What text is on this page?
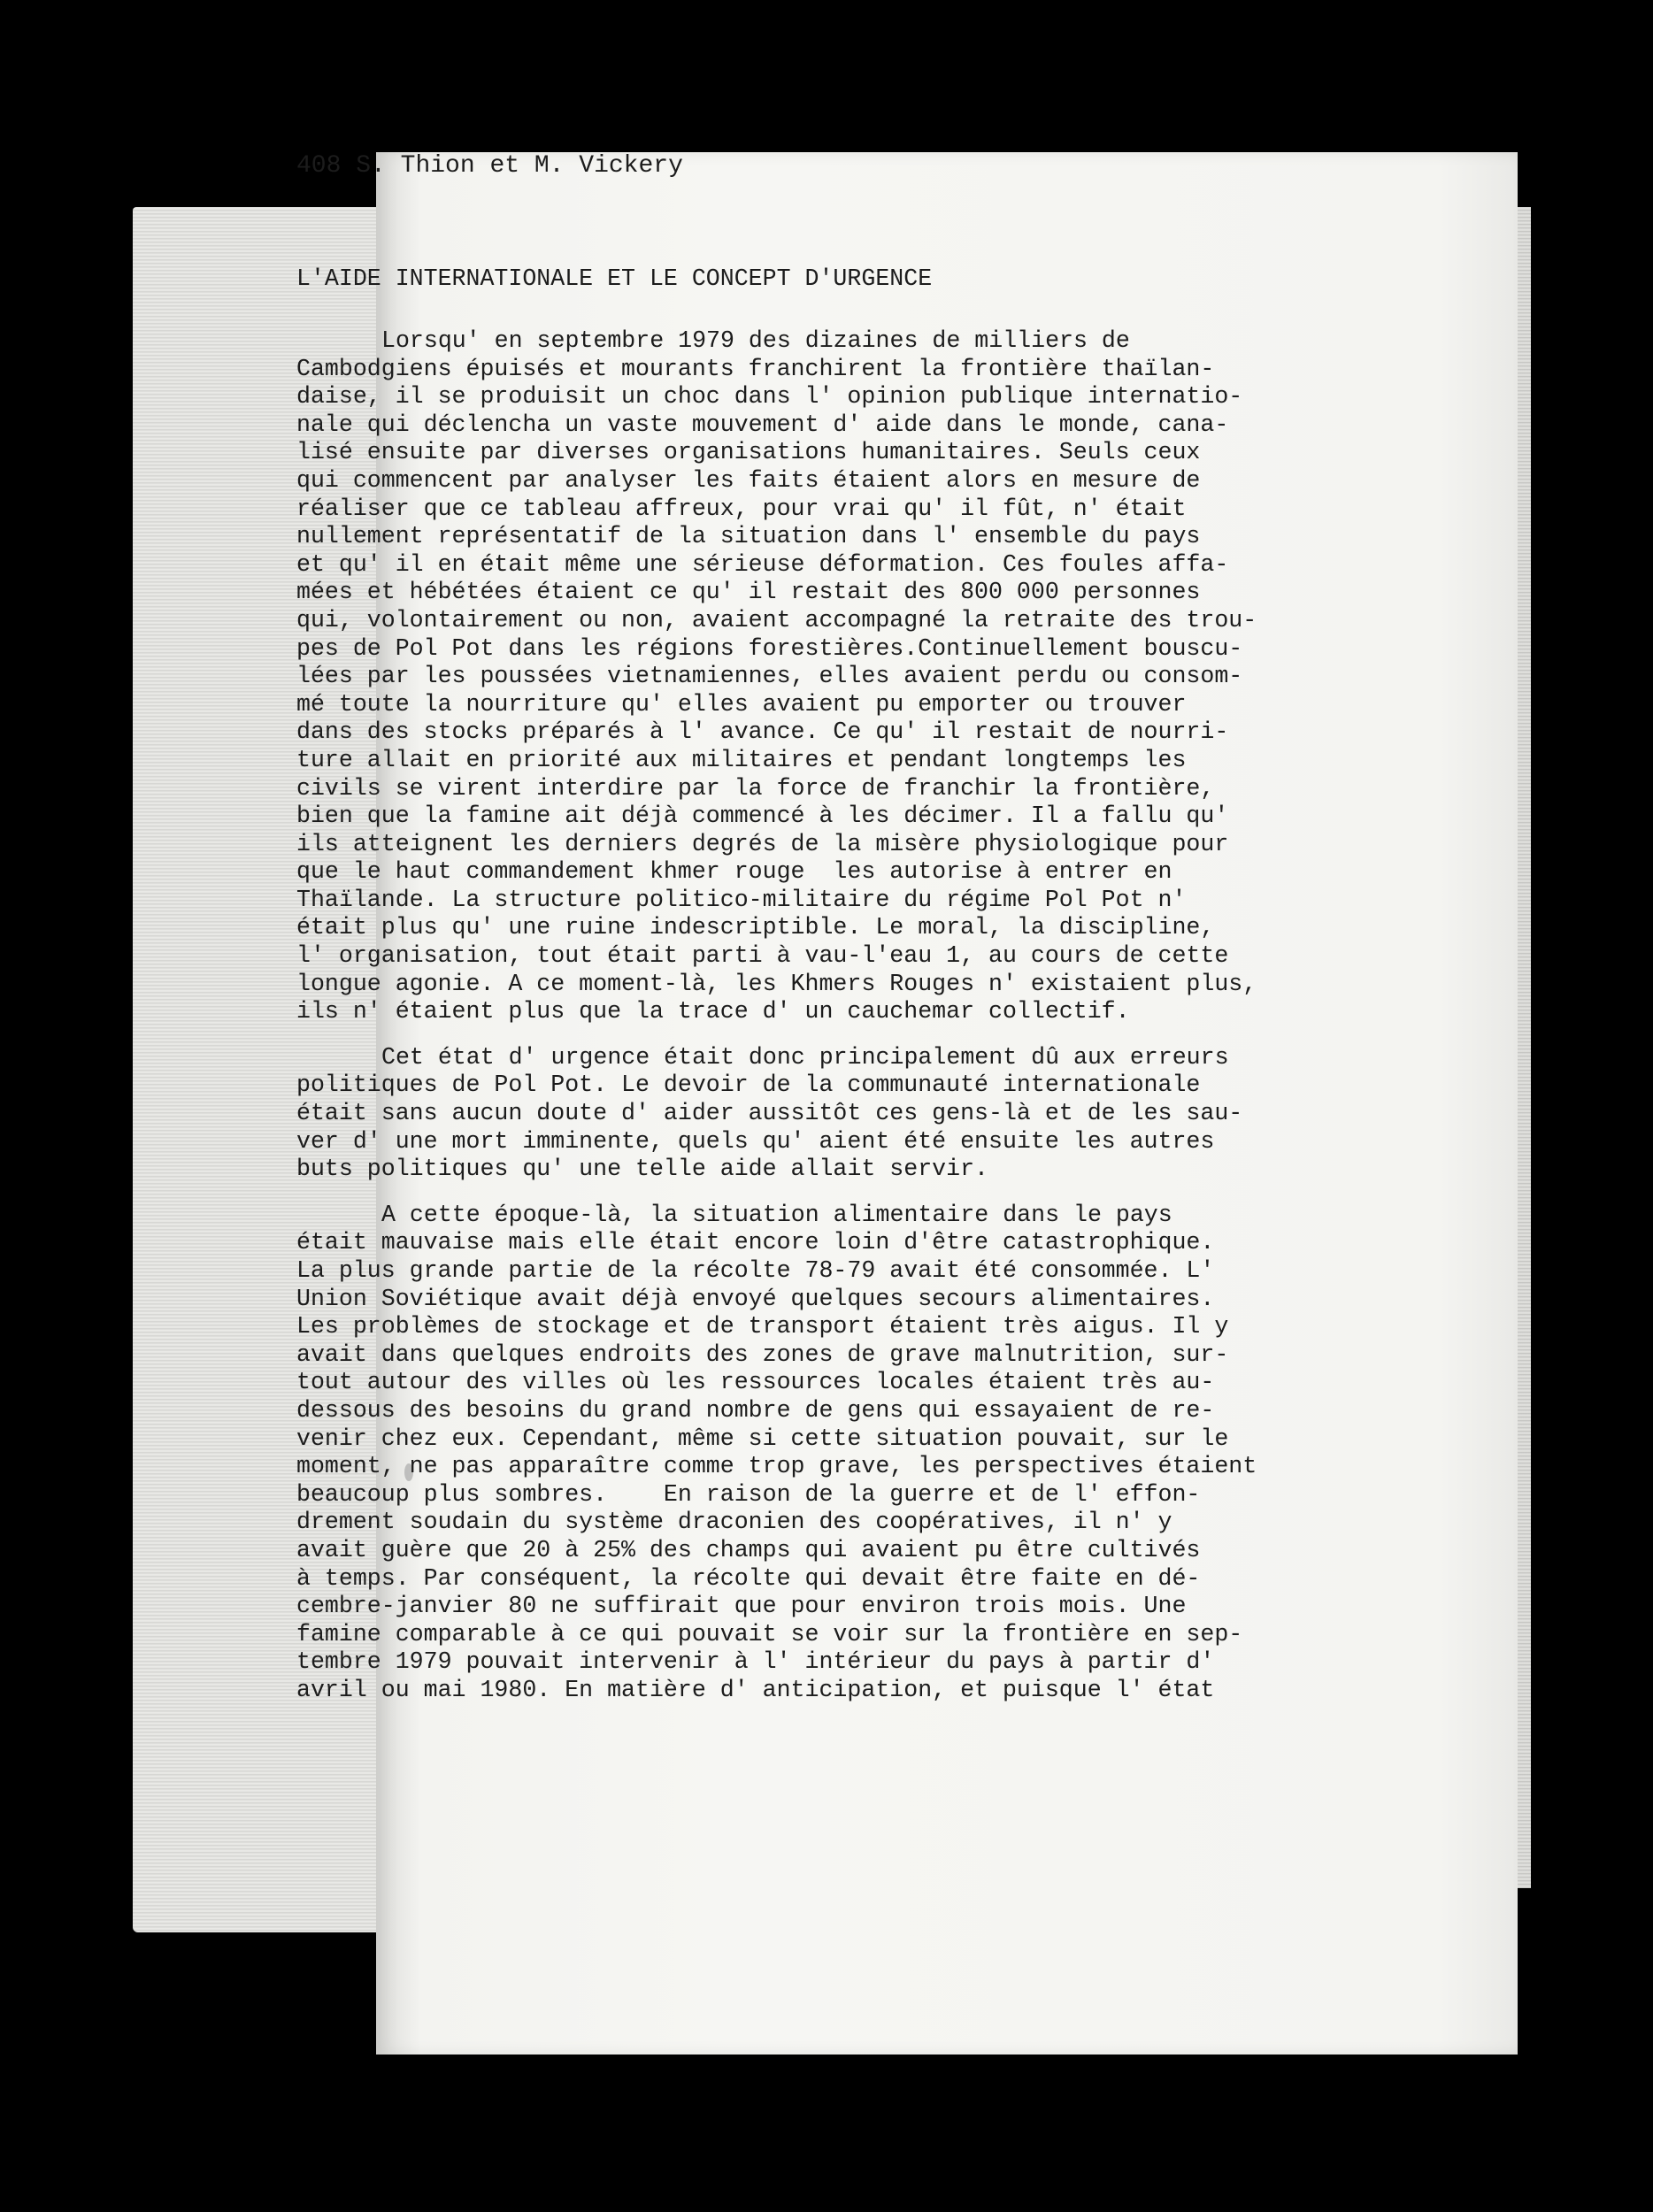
408 S. Thion et M. Vickery
L'AIDE INTERNATIONALE ET LE CONCEPT D'URGENCE
Lorsqu' en septembre 1979 des dizaines de milliers de
Cambodgiens épuisés et mourants franchirent la frontière thaïlan-
daise, il se produisit un choc dans l' opinion publique internatio-
nale qui déclencha un vaste mouvement d' aide dans le monde, cana-
lisé ensuite par diverses organisations humanitaires. Seuls ceux
qui commencent par analyser les faits étaient alors en mesure de
réaliser que ce tableau affreux, pour vrai qu' il fût, n' était
nullement représentatif de la situation dans l' ensemble du pays
et qu' il en était même une sérieuse déformation. Ces foules affa-
mées et hébétées étaient ce qu' il restait des 800 000 personnes
qui, volontairement ou non, avaient accompagné la retraite des trou-
pes de Pol Pot dans les régions forestières.Continuellement bouscu-
lées par les poussées vietnamiennes, elles avaient perdu ou consom-
mé toute la nourriture qu' elles avaient pu emporter ou trouver
dans des stocks préparés à l' avance. Ce qu' il restait de nourri-
ture allait en priorité aux militaires et pendant longtemps les
civils se virent interdire par la force de franchir la frontière,
bien que la famine ait déjà commencé à les décimer. Il a fallu qu'
ils atteignent les derniers degrés de la misère physiologique pour
que le haut commandement khmer rouge  les autorise à entrer en
Thaïlande. La structure politico-militaire du régime Pol Pot n'
était plus qu' une ruine indescriptible. Le moral, la discipline,
l' organisation, tout était parti à vau-l'eau 1, au cours de cette
longue agonie. A ce moment-là, les Khmers Rouges n' existaient plus,
ils n' étaient plus que la trace d' un cauchemar collectif.
Cet état d' urgence était donc principalement dû aux erreurs
politiques de Pol Pot. Le devoir de la communauté internationale
était sans aucun doute d' aider aussitôt ces gens-là et de les sau-
ver d' une mort imminente, quels qu' aient été ensuite les autres
buts politiques qu' une telle aide allait servir.
A cette époque-là, la situation alimentaire dans le pays
était mauvaise mais elle était encore loin d'être catastrophique.
La plus grande partie de la récolte 78-79 avait été consommée. L'
Union Soviétique avait déjà envoyé quelques secours alimentaires.
Les problèmes de stockage et de transport étaient très aigus. Il y
avait dans quelques endroits des zones de grave malnutrition, sur-
tout autour des villes où les ressources locales étaient très au-
dessous des besoins du grand nombre de gens qui essayaient de re-
venir chez eux. Cependant, même si cette situation pouvait, sur le
moment, ne pas apparaître comme trop grave, les perspectives étaient
beaucoup plus sombres.    En raison de la guerre et de l' effon-
drement soudain du système draconien des coopératives, il n' y
avait guère que 20 à 25% des champs qui avaient pu être cultivés
à temps. Par conséquent, la récolte qui devait être faite en dé-
cembre-janvier 80 ne suffirait que pour environ trois mois. Une
famine comparable à ce qui pouvait se voir sur la frontière en sep-
tembre 1979 pouvait intervenir à l' intérieur du pays à partir d'
avril ou mai 1980. En matière d' anticipation, et puisque l' état
